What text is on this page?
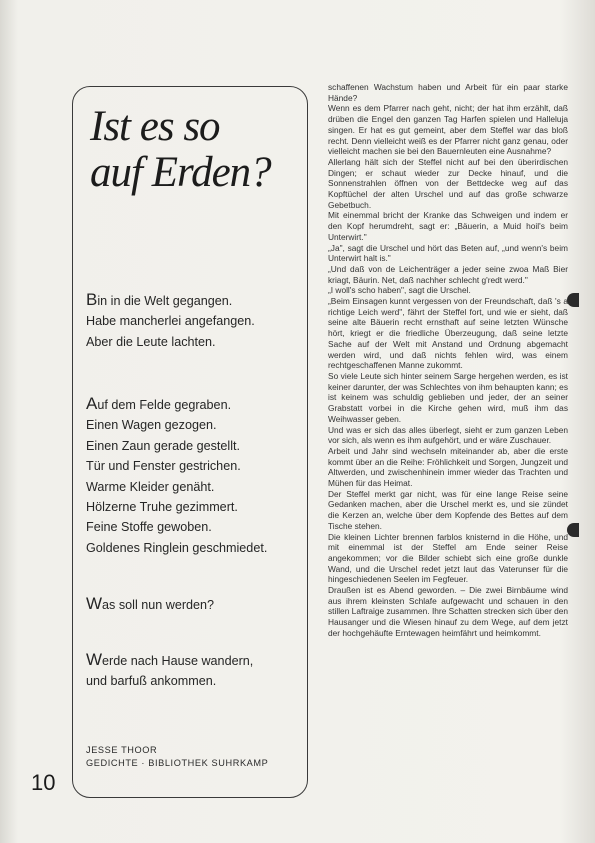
Ist es so
auf Erden?
Bin in die Welt gegangen.
Habe mancherlei angefangen.
Aber die Leute lachten.
Auf dem Felde gegraben.
Einen Wagen gezogen.
Einen Zaun gerade gestellt.
Tür und Fenster gestrichen.
Warme Kleider genäht.
Hölzerne Truhe gezimmert.
Feine Stoffe gewoben.
Goldenes Ringlein geschmiedet.
Was soll nun werden?
Werde nach Hause wandern,
und barfuß ankommen.
JESSE THOOR
GEDICHTE · BIBLIOTHEK SUHRKAMP
10

schaffenen Wachstum haben und Arbeit für ein paar starke Hände?

Wenn es dem Pfarrer nach geht, nicht; der hat ihm erzählt, daß drüben die Engel den ganzen Tag Harfen spielen und Halleluja singen. Er hat es gut gemeint, aber dem Steffel war das bloß recht. Denn vielleicht weiß es der Pfarrer nicht ganz genau, oder vielleicht machen sie bei den Bauernleuten eine Ausnahme?

Allerlang hält sich der Steffel nicht auf bei den überirdischen Dingen; er schaut wieder zur Decke hinauf, und die Sonnenstrahlen öffnen von der Bettdecke weg auf das Kopftüchel der alten Urschel und auf das große schwarze Gebetbuch.

Mit einemmal bricht der Kranke das Schweigen und indem er den Kopf herumdreht, sagt er: „Bäuerin, a Muid hoil's beim Unterwirt."

„Ja", sagt die Urschel und hört das Beten auf, „und wenn's beim Unterwirt halt is."

„Und daß von de Leichenträger a jeder seine zwoa Maß Bier kriagt, Bäurin. Net, daß nachher schlecht g'redt werd."

„I woll's scho haben", sagt die Urschel.

„Beim Einsagen kunnt vergessen von der Freundschaft, daß 's a richtige Leich werd", fährt der Steffel fort, und wie er sieht, daß seine alte Bäuerin recht ernsthaft auf seine letzten Wünsche hört, kriegt er die friedliche Überzeugung, daß seine letzte Sache auf der Welt mit Anstand und Ordnung abgemacht werden wird, und daß nichts fehlen wird, was einem rechtgeschaffenen Manne zukommt.

So viele Leute sich hinter seinem Sarge hergehen werden, es ist keiner darunter, der was Schlechtes von ihm behaupten kann; es ist keinem was schuldig geblieben und jeder, der an seiner Grabstatt vorbei in die Kirche gehen wird, muß ihm das Weihwasser geben.

Und was er sich das alles überlegt, sieht er zum ganzen Leben vor sich, als wenn es ihm aufgehört, und er wäre Zuschauer.

Arbeit und Jahr sind wechseln miteinander ab, aber die erste kommt über an die Reihe: Fröhlichkeit und Sorgen, Jungzeit und Altwerden, und zwischenhinein immer wieder das Trachten und Mühen für das Heimat.

Der Steffel merkt gar nicht, was für eine lange Reise seine Gedanken machen, aber die Urschel merkt es, und sie zündet die Kerzen an, welche über dem Kopfende des Bettes auf dem Tische stehen.

Die kleinen Lichter brennen farblos knisternd in die Höhe, und mit einemmal ist der Steffel am Ende seiner Reise angekommen; vor die Bilder schiebt sich eine große dunkle Wand, und die Urschel redet jetzt laut das Vaterunser für die hingeschiedenen Seelen im Fegfeuer.

Draußen ist es Abend geworden. – Die zwei Birnbäume wind aus ihrem kleinsten Schlafe aufgewacht und schauen in den stillen Laftraige zusammen. Ihre Schatten strecken sich über den Hausanger und die Wiesen hinauf zu dem Wege, auf dem jetzt der hochgehäufte Erntewagen heimfährt und heimkommt.
